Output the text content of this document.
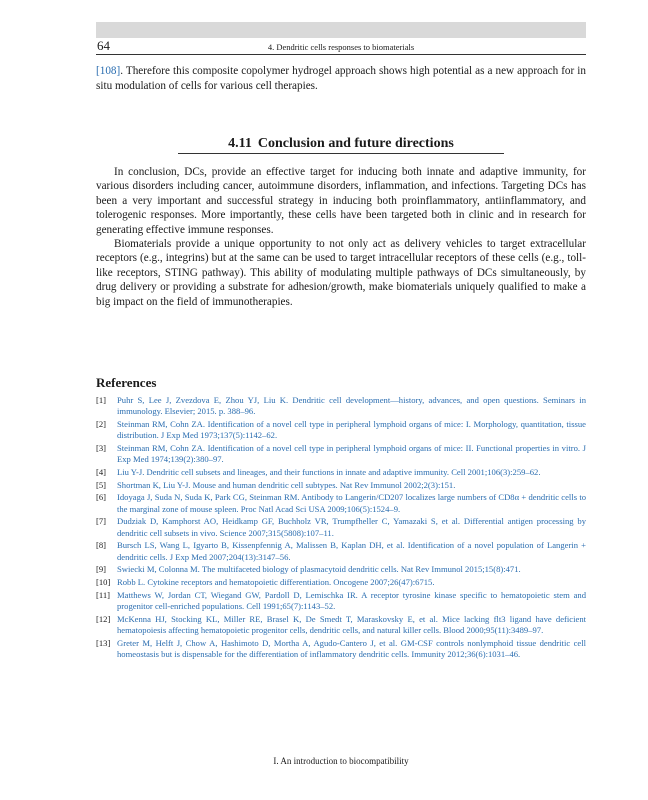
64	4. Dendritic cells responses to biomaterials
[108]. Therefore this composite copolymer hydrogel approach shows high potential as a new approach for in situ modulation of cells for various cell therapies.
4.11 Conclusion and future directions

In conclusion, DCs, provide an effective target for inducing both innate and adaptive immunity, for various disorders including cancer, autoimmune disorders, inflammation, and infections. Targeting DCs has been a very important and successful strategy in inducing both proinflammatory, antiinflammatory, and tolerogenic responses. More importantly, these cells have been targeted both in clinic and in research for generating effective immune responses.

Biomaterials provide a unique opportunity to not only act as delivery vehicles to target extracellular receptors (e.g., integrins) but at the same can be used to target intracellular receptors of these cells (e.g., toll-like receptors, STING pathway). This ability of modulating multiple pathways of DCs simultaneously, by drug delivery or providing a substrate for adhesion/growth, make biomaterials uniquely qualified to make a big impact on the field of immunotherapies.

References
[1]	Puhr S, Lee J, Zvezdova E, Zhou YJ, Liu K. Dendritic cell development—history, advances, and open questions. Seminars in immunology. Elsevier; 2015. p. 388–96.
[2]	Steinman RM, Cohn ZA. Identification of a novel cell type in peripheral lymphoid organs of mice: I. Morphology, quantitation, tissue distribution. J Exp Med 1973;137(5):1142–62.
[3]	Steinman RM, Cohn ZA. Identification of a novel cell type in peripheral lymphoid organs of mice: II. Functional properties in vitro. J Exp Med 1974;139(2):380–97.
[4]	Liu Y-J. Dendritic cell subsets and lineages, and their functions in innate and adaptive immunity. Cell 2001;106(3):259–62.
[5]	Shortman K, Liu Y-J. Mouse and human dendritic cell subtypes. Nat Rev Immunol 2002;2(3):151.
[6]	Idoyaga J, Suda N, Suda K, Park CG, Steinman RM. Antibody to Langerin/CD207 localizes large numbers of CD8α + dendritic cells to the marginal zone of mouse spleen. Proc Natl Acad Sci USA 2009;106(5):1524–9.
[7]	Dudziak D, Kamphorst AO, Heidkamp GF, Buchholz VR, Trumpfheller C, Yamazaki S, et al. Differential antigen processing by dendritic cell subsets in vivo. Science 2007;315(5808):107–11.
[8]	Bursch LS, Wang L, Igyarto B, Kissenpfennig A, Malissen B, Kaplan DH, et al. Identification of a novel population of Langerin + dendritic cells. J Exp Med 2007;204(13):3147–56.
[9]	Swiecki M, Colonna M. The multifaceted biology of plasmacytoid dendritic cells. Nat Rev Immunol 2015;15(8):471.
[10] Robb L. Cytokine receptors and hematopoietic differentiation. Oncogene 2007;26(47):6715.
[11] Matthews W, Jordan CT, Wiegand GW, Pardoll D, Lemischka IR. A receptor tyrosine kinase specific to hematopoietic stem and progenitor cell-enriched populations. Cell 1991;65(7):1143–52.
[12] McKenna HJ, Stocking KL, Miller RE, Brasel K, De Smedt T, Maraskovsky E, et al. Mice lacking flt3 ligand have deficient hematopoiesis affecting hematopoietic progenitor cells, dendritic cells, and natural killer cells. Blood 2000;95(11):3489–97.
[13] Greter M, Helft J, Chow A, Hashimoto D, Mortha A, Agudo-Cantero J, et al. GM-CSF controls nonlymphoid tissue dendritic cell homeostasis but is dispensable for the differentiation of inflammatory dendritic cells. Immunity 2012;36(6):1031–46.
I. An introduction to biocompatibility
